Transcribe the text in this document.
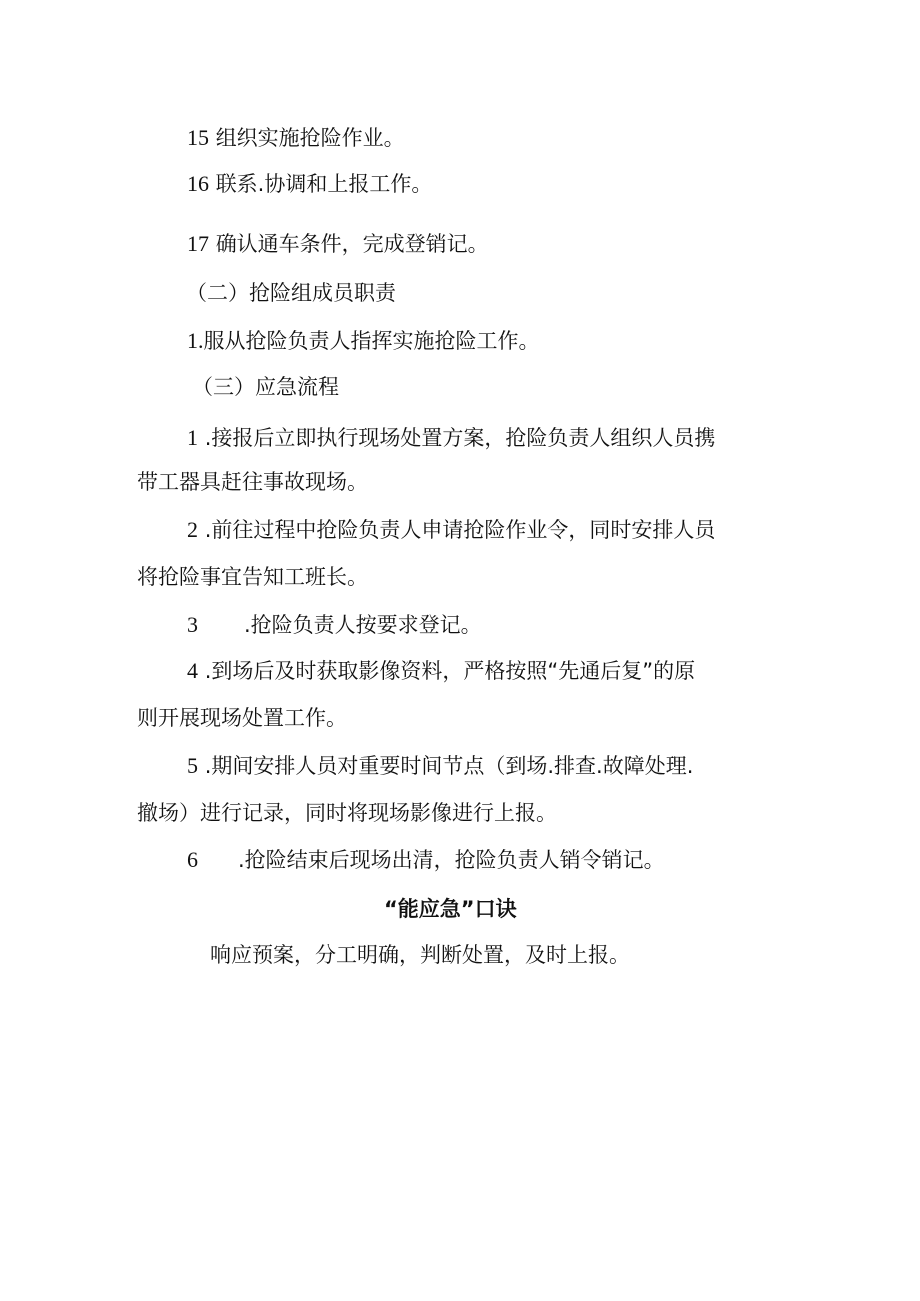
15 组织实施抢险作业。
16 联系.协调和上报工作。
17 确认通车条件，完成登销记。
（二）抢险组成员职责
1.服从抢险负责人指挥实施抢险工作。
（三）应急流程
1 .接报后立即执行现场处置方案，抢险负责人组织人员携
带工器具赶往事故现场。
2 .前往过程中抢险负责人申请抢险作业令，同时安排人员
将抢险事宜告知工班长。
3 .抢险负责人按要求登记。
4 .到场后及时获取影像资料，严格按照“先通后复”的原
则开展现场处置工作。
5 .期间安排人员对重要时间节点（到场.排查.故障处理.
撤场）进行记录，同时将现场影像进行上报。
6 .抢险结束后现场出清，抢险负责人销令销记。
“能应急”口诀
响应预案，分工明确，判断处置，及时上报。
